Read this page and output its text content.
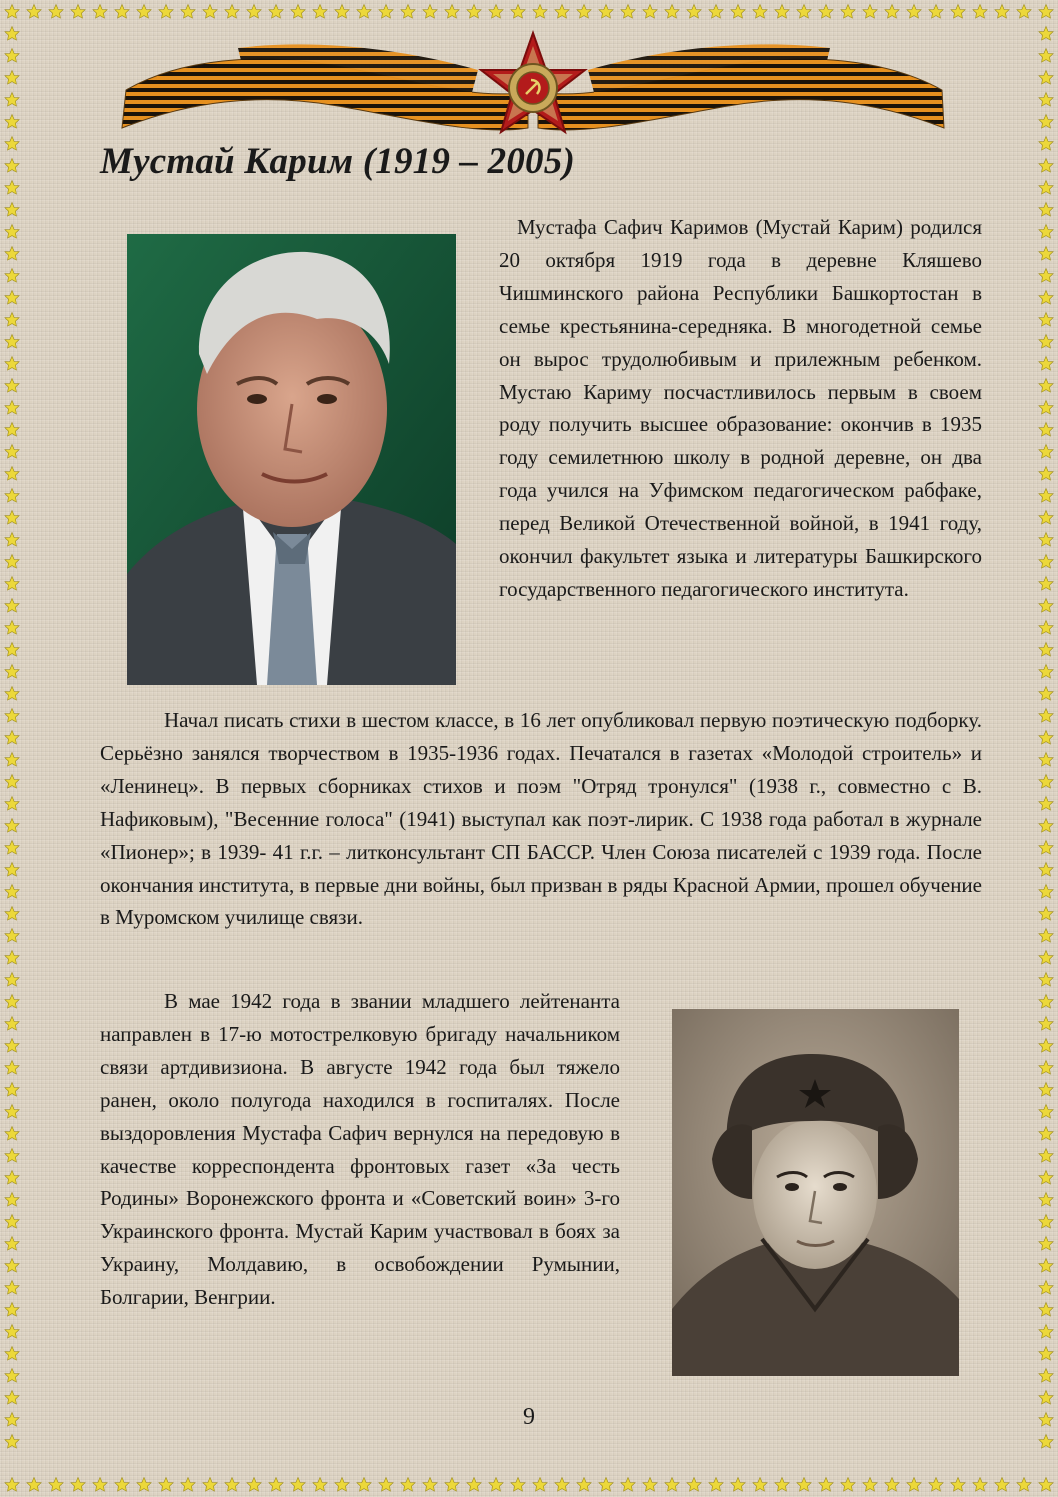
Мустай Карим (1919 – 2005)

Мустафа Сафич Каримов (Мустай Карим) родился 20 октября 1919 года в деревне Кляшево Чишминского района Республики Башкортостан в семье крестьянина-середняка. В многодетной семье он вырос трудолюбивым и прилежным ребенком. Мустаю Кариму посчастливилось первым в своем роду получить высшее образование: окончив в 1935 году семилетнюю школу в родной деревне, он два года учился на Уфимском педагогическом рабфаке, перед Великой Отечественной войной, в 1941 году, окончил факультет языка и литературы Башкирского государственного педагогического института.

Начал писать стихи в шестом классе, в 16 лет опубликовал первую поэтическую подборку. Серьёзно занялся творчеством в 1935-1936 годах. Печатался в газетах «Молодой строитель» и «Ленинец». В первых сборниках стихов и поэм "Отряд тронулся" (1938 г., совместно с В. Нафиковым), "Весенние голоса" (1941) выступал как поэт-лирик. С 1938 года работал в журнале «Пионер»; в 1939- 41 г.г. – литконсультант СП БАССР. Член Союза писателей с 1939 года. После окончания института, в первые дни войны, был призван в ряды Красной Армии, прошел обучение в Муромском училище связи.

В мае 1942 года в звании младшего лейтенанта направлен в 17-ю мотострелковую бригаду начальником связи артдивизиона. В августе 1942 года был тяжело ранен, около полугода находился в госпиталях. После выздоровления Мустафа Сафич вернулся на передовую в качестве корреспондента фронтовых газет «За честь Родины» Воронежского фронта и «Советский воин» 3-го Украинского фронта. Мустай Карим участвовал в боях за Украину, Молдавию, в освобождении Румынии, Болгарии, Венгрии.

9
